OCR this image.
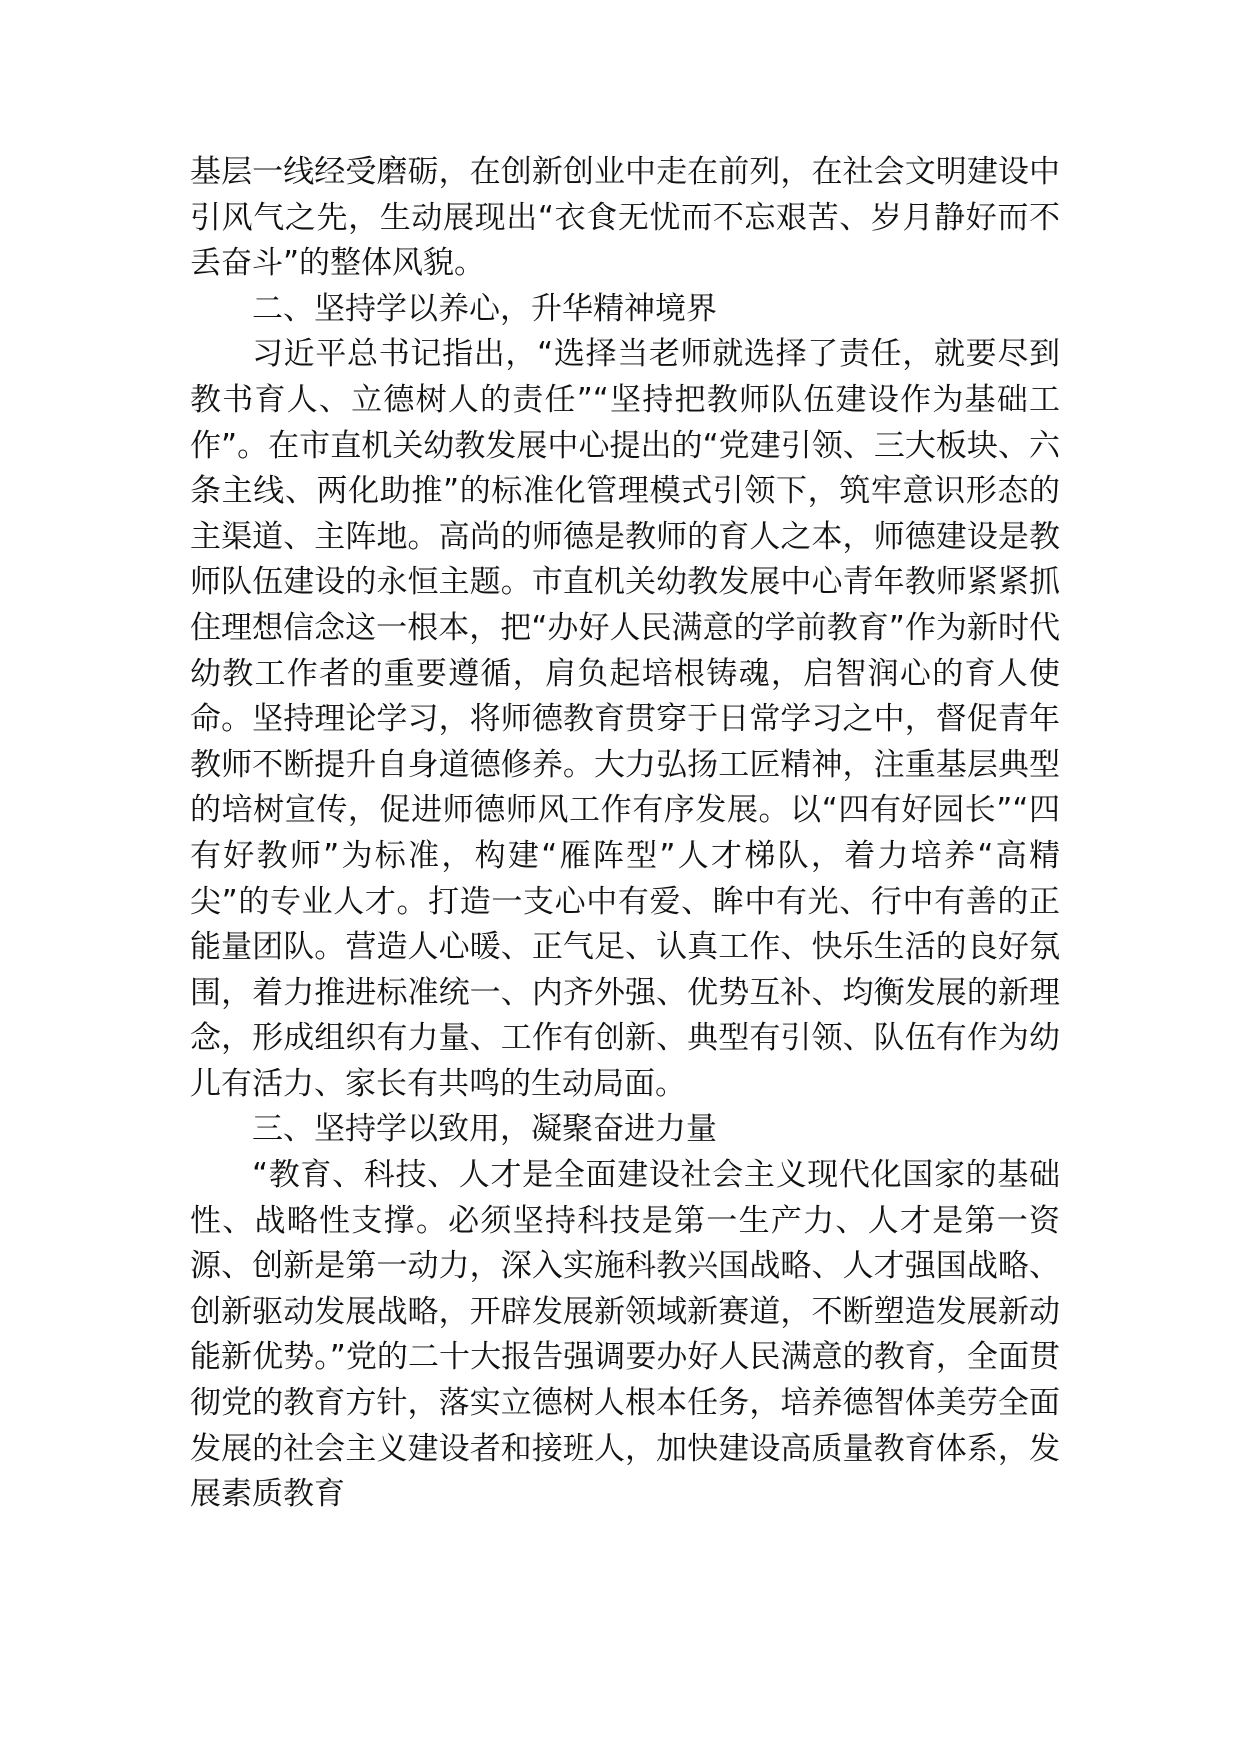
基层一线经受磨砺，在创新创业中走在前列，在社会文明建设中引风气之先，生动展现出“衣食无忧而不忘艰苦、岁月静好而不丢奋斗”的整体风貌。

二、坚持学以养心，升华精神境界

习近平总书记指出，“选择当老师就选择了责任，就要尽到教书育人、立德树人的责任”“坚持把教师队伍建设作为基础工作”。在市直机关幼教发展中心提出的“党建引领、三大板块、六条主线、两化助推”的标准化管理模式引领下，筑牢意识形态的主渠道、主阵地。高尚的师德是教师的育人之本，师德建设是教师队伍建设的永恒主题。市直机关幼教发展中心青年教师紧紧抓住理想信念这一根本，把“办好人民满意的学前教育”作为新时代幼教工作者的重要遵循，肩负起培根铸魂，启智润心的育人使命。坚持理论学习，将师德教育贯穿于日常学习之中，督促青年教师不断提升自身道德修养。大力弘扬工匠精神，注重基层典型的培树宣传，促进师德师风工作有序发展。以“四有好园长”“四有好教师”为标准，构建“雁阵型”人才梯队，着力培养“高精尖”的专业人才。打造一支心中有爱、眸中有光、行中有善的正能量团队。营造人心暖、正气足、认真工作、快乐生活的良好氛围，着力推进标准统一、内齐外强、优势互补、均衡发展的新理念，形成组织有力量、工作有创新、典型有引领、队伍有作为幼儿有活力、家长有共鸣的生动局面。

三、坚持学以致用，凝聚奋进力量

“教育、科技、人才是全面建设社会主义现代化国家的基础性、战略性支撑。必须坚持科技是第一生产力、人才是第一资源、创新是第一动力，深入实施科教兴国战略、人才强国战略、创新驱动发展战略，开辟发展新领域新赛道，不断塑造发展新动能新优势。”党的二十大报告强调要办好人民满意的教育，全面贯彻党的教育方针，落实立德树人根本任务，培养德智体美劳全面发展的社会主义建设者和接班人，加快建设高质量教育体系，发展素质教育
